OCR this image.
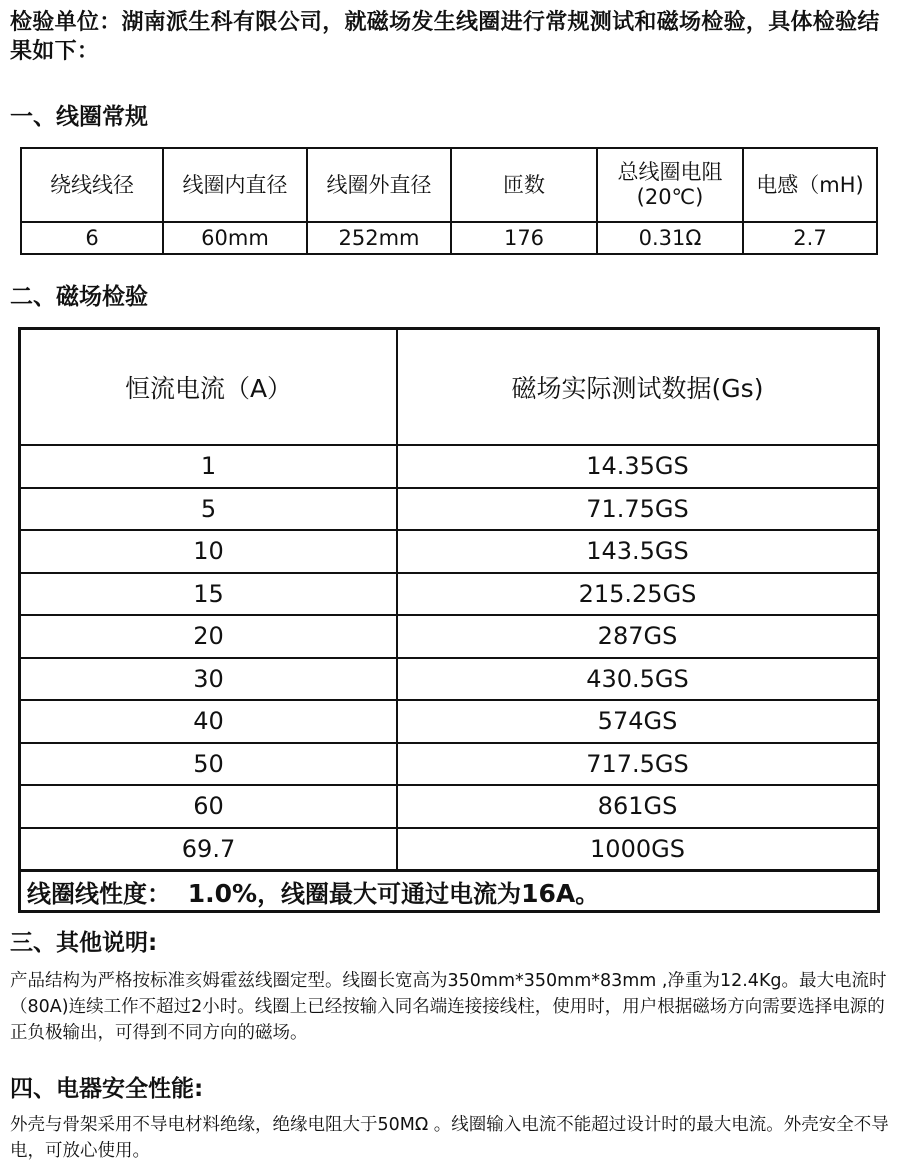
检验单位：湖南派生科有限公司，就磁场发生线圈进行常规测试和磁场检验，具体检验结果如下：
一、线圈常规
绕线线径	线圈内直径	线圈外直径	匝数	总线圈电阻(20℃)	电感（mH)
6	60mm	252mm	176	0.31Ω	2.7
二、磁场检验
恒流电流（A）	磁场实际测试数据(Gs)
1	14.35GS
5	71.75GS
10	143.5GS
15	215.25GS
20	287GS
30	430.5GS
40	574GS
50	717.5GS
60	861GS
69.7	1000GS
线圈线性度： 1.0%，线圈最大可通过电流为16A。	
三、其他说明:
产品结构为严格按标准亥姆霍兹线圈定型。线圈长宽高为350mm*350mm*83mm ,净重为12.4Kg。最大电流时（80A)连续工作不超过2小时。线圈上已经按输入同名端连接接线柱，使用时，用户根据磁场方向需要选择电源的正负极输出，可得到不同方向的磁场。
四、电器安全性能:
外壳与骨架采用不导电材料绝缘，绝缘电阻大于50MΩ 。线圈输入电流不能超过设计时的最大电流。外壳安全不导电，可放心使用。
